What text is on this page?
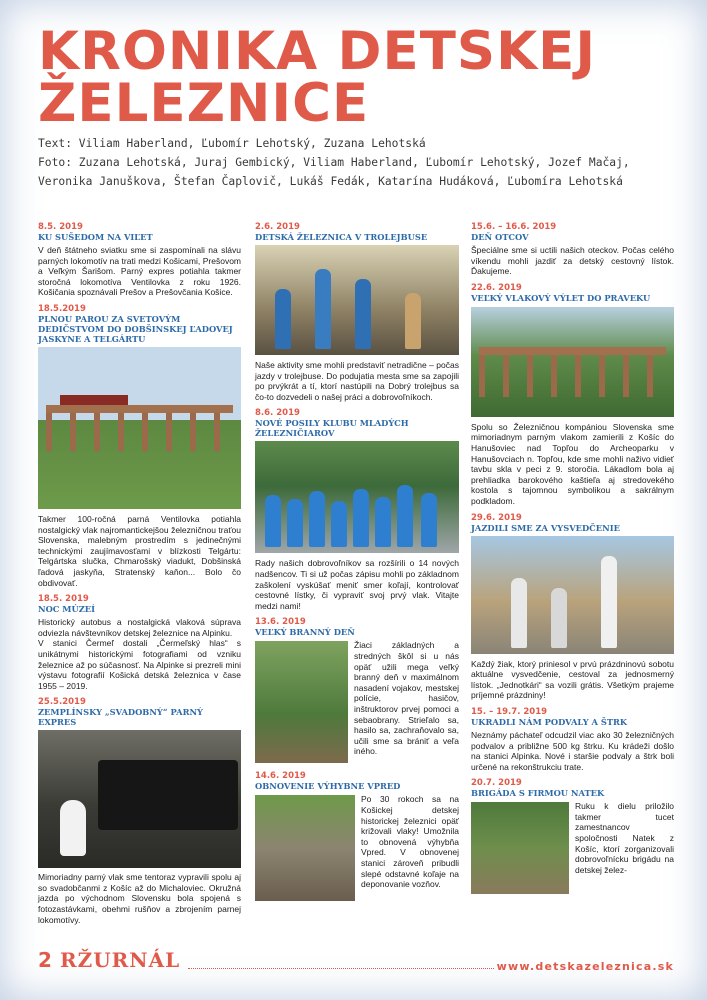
KRONIKA DETSKEJ
ŽELEZNICE
Text: Viliam Haberland, Ľubomír Lehotský, Zuzana Lehotská
Foto: Zuzana Lehotská, Juraj Gembický, Viliam Haberland, Ľubomír Lehotský, Jozef Mačaj,
Veronika Januškova, Štefan Čaplovič, Lukáš Fedák, Katarína Hudáková, Ľubomíra Lehotská
8.5. 2019
KU SUŠEDOM NA VIĽET
V deň štátneho sviatku sme si zaspomínali na slávu parných lokomotív na trati medzi Košicami, Prešovom a Veľkým Šarišom. Parný expres potiahla takmer storočná lokomotíva Ventilovka z roku 1926. Košičania spoznávali Prešov a Prešovčania Košice.
18.5.2019
PLNOU PAROU ZA SVETOVÝM DEDIČSTVOM DO DOBŠINSKEJ ĽADOVEJ JASKYNE A TELGÁRTU
Takmer 100-ročná parná Ventilovka potiahla nostalgický vlak najromantickejšou železničnou traťou Slovenska, malebným prostredím s jedinečnými technickými zaujímavosťami v blízkosti Telgártu: Telgártska slučka, Chmarošský viadukt, Dobšinská ľadová jaskyňa, Stratenský kaňon... Bolo čo obdivovať.
18.5. 2019
NOC MÚZEÍ
Historický autobus a nostalgická vlaková súprava odviezla návštevníkov detskej železnice na Alpinku.
V stanici Čermeľ dostali „Čermeľský hlas“ s unikátnymi historickými fotografiami od vzniku železnice až po súčasnosť. Na Alpinke si prezreli mini výstavu fotografií Košická detská železnica v čase 1955 – 2019.
25.5.2019
ZEMPLÍNSKY „SVADOBNÝ“ PARNÝ EXPRES
Mimoriadny parný vlak sme tentoraz vypravili spolu aj so svadobčanmi z Košíc až do Michaloviec. Okružná jazda po východnom Slovensku bola spojená s fotozastávkami, obehmi rušňov a zbrojením parnej lokomotívy.
2.6. 2019
DETSKÁ ŽELEZNICA V TROLEJBUSE
Naše aktivity sme mohli predstaviť netradične – počas jazdy v trolejbuse. Do podujatia mesta sme sa zapojili po prvýkrát a tí, ktorí nastúpili na Dobrý trolejbus sa čo-to dozvedeli o našej práci a dobrovoľníkoch.
8.6. 2019
NOVÉ POSILY KLUBU MLADÝCH ŽELEZNIČIAROV
Rady našich dobrovoľníkov sa rozšírili o 14 nových nadšencov. Ti si už počas zápisu mohli po základnom zaškolení vyskúšať meniť smer koľají, kontrolovať cestovné lístky, či vypraviť svoj prvý vlak. Vitajte medzi nami!
13.6. 2019
VEĽKÝ BRANNÝ DEŇ
Žiaci základných a stredných škôl si u nás opäť užili mega veľký branný deň v maximálnom nasadení vojakov, mestskej polície, hasičov, inštruktorov prvej pomoci a sebaobrany. Strieľalo sa, hasilo sa, zachraňovalo sa, učili sme sa brániť a veľa iného.
14.6. 2019
OBNOVENIE VÝHYBNE VPRED
Po 30 rokoch sa na Košickej detskej historickej železnici opäť križovali vlaky! Umožnila to obnovená výhybňa Vpred. V obnovenej stanici zároveň pribudli slepé odstavné koľaje na deponovanie vozňov.
15.6. – 16.6. 2019
DEŇ OTCOV
Špeciálne sme si uctili našich oteckov. Počas celého víkendu mohli jazdiť za detský cestovný lístok. Ďakujeme.
22.6. 2019
VEĽKÝ VLAKOVÝ VÝLET DO PRAVEKU
Spolu so Železničnou kompániou Slovenska sme mimoriadnym parným vlakom zamierili z Košíc do Hanušoviec nad Topľou do Archeoparku v Hanušovciach n. Topľou, kde sme mohli naživo vidieť tavbu skla v peci z 9. storočia. Lákadlom bola aj prehliadka barokového kaštieľa aj stredovekého kostola s tajomnou symbolikou a sakrálnym podkladom.
29.6. 2019
JAZDILI SME ZA VYSVEDČENIE
Každý žiak, ktorý priniesol v prvú prázdninovú sobotu aktuálne vysvedčenie, cestoval za jednosmerný lístok. „Jednotkári“ sa vozili grátis. Všetkým prajeme príjemné prázdniny!
15. – 19.7. 2019
UKRADLI NÁM PODVALY A ŠTRK
Neznámy páchateľ odcudzil viac ako 30 železničných podvalov a približne 500 kg štrku. Ku krádeži došlo na stanici Alpinka. Nové i staršie podvaly a štrk boli určené na rekonštrukciu trate.
20.7. 2019
BRIGÁDA S FIRMOU NATEK
Ruku k dielu priložilo takmer tucet zamestnancov spoločnosti Natek z Košíc, ktorí zorganizovali dobrovoľnícku brigádu na detskej želez-
2 RŽURNÁL	www.detskazeleznica.sk
